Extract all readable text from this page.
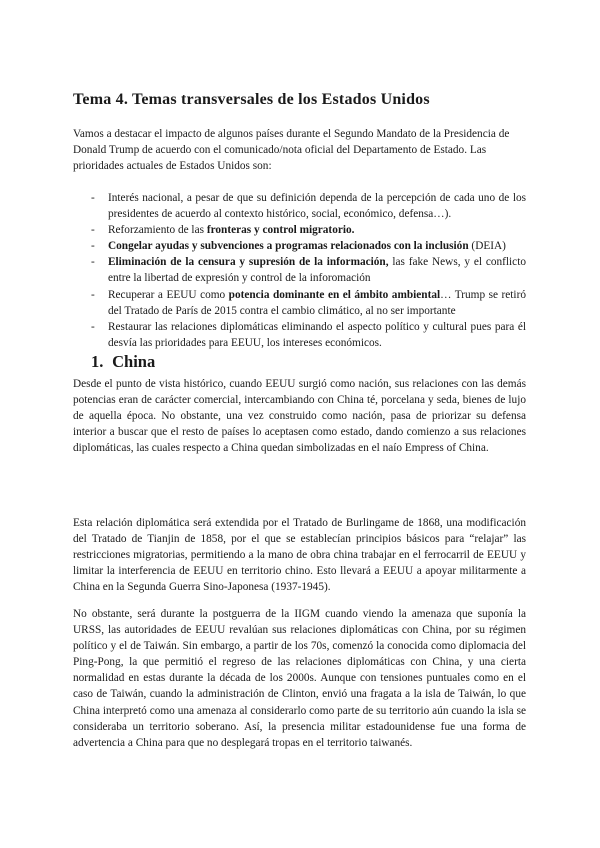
Tema 4. Temas transversales de los Estados Unidos

Vamos a destacar el impacto de algunos países durante el Segundo Mandato de la Presidencia de Donald Trump de acuerdo con el comunicado/nota oficial del Departamento de Estado. Las prioridades actuales de Estados Unidos son:

- Interés nacional, a pesar de que su definición dependa de la percepción de cada uno de los presidentes de acuerdo al contexto histórico, social, económico, defensa…).
- Reforzamiento de las fronteras y control migratorio.
- Congelar ayudas y subvenciones a programas relacionados con la inclusión (DEIA)
- Eliminación de la censura y supresión de la información, las fake News, y el conflicto entre la libertad de expresión y control de la inforomación
- Recuperar a EEUU como potencia dominante en el ámbito ambiental… Trump se retiró del Tratado de París de 2015 contra el cambio climático, al no ser importante
- Restaurar las relaciones diplomáticas eliminando el aspecto político y cultural pues para él desvía las prioridades para EEUU, los intereses económicos.
1. China

Desde el punto de vista histórico, cuando EEUU surgió como nación, sus relaciones con las demás potencias eran de carácter comercial, intercambiando con China té, porcelana y seda, bienes de lujo de aquella época. No obstante, una vez construido como nación, pasa de priorizar su defensa interior a buscar que el resto de países lo aceptasen como estado, dando comienzo a sus relaciones diplomáticas, las cuales respecto a China quedan simbolizadas en el naío Empress of China.

Esta relación diplomática será extendida por el Tratado de Burlingame de 1868, una modificación del Tratado de Tianjin de 1858, por el que se establecían principios básicos para “relajar” las restricciones migratorias, permitiendo a la mano de obra china trabajar en el ferrocarril de EEUU y limitar la interferencia de EEUU en territorio chino. Esto llevará a EEUU a apoyar militarmente a China en la Segunda Guerra Sino-Japonesa (1937-1945).

No obstante, será durante la postguerra de la IIGM cuando viendo la amenaza que suponía la URSS, las autoridades de EEUU revalúan sus relaciones diplomáticas con China, por su régimen político y el de Taiwán. Sin embargo, a partir de los 70s, comenzó la conocida como diplomacia del Ping-Pong, la que permitió el regreso de las relaciones diplomáticas con China, y una cierta normalidad en estas durante la década de los 2000s. Aunque con tensiones puntuales como en el caso de Taiwán, cuando la administración de Clinton, envió una fragata a la isla de Taiwán, lo que China interpretó como una amenaza al considerarlo como parte de su territorio aún cuando la isla se consideraba un territorio soberano. Así, la presencia militar estadounidense fue una forma de advertencia a China para que no desplegará tropas en el territorio taiwanés.
